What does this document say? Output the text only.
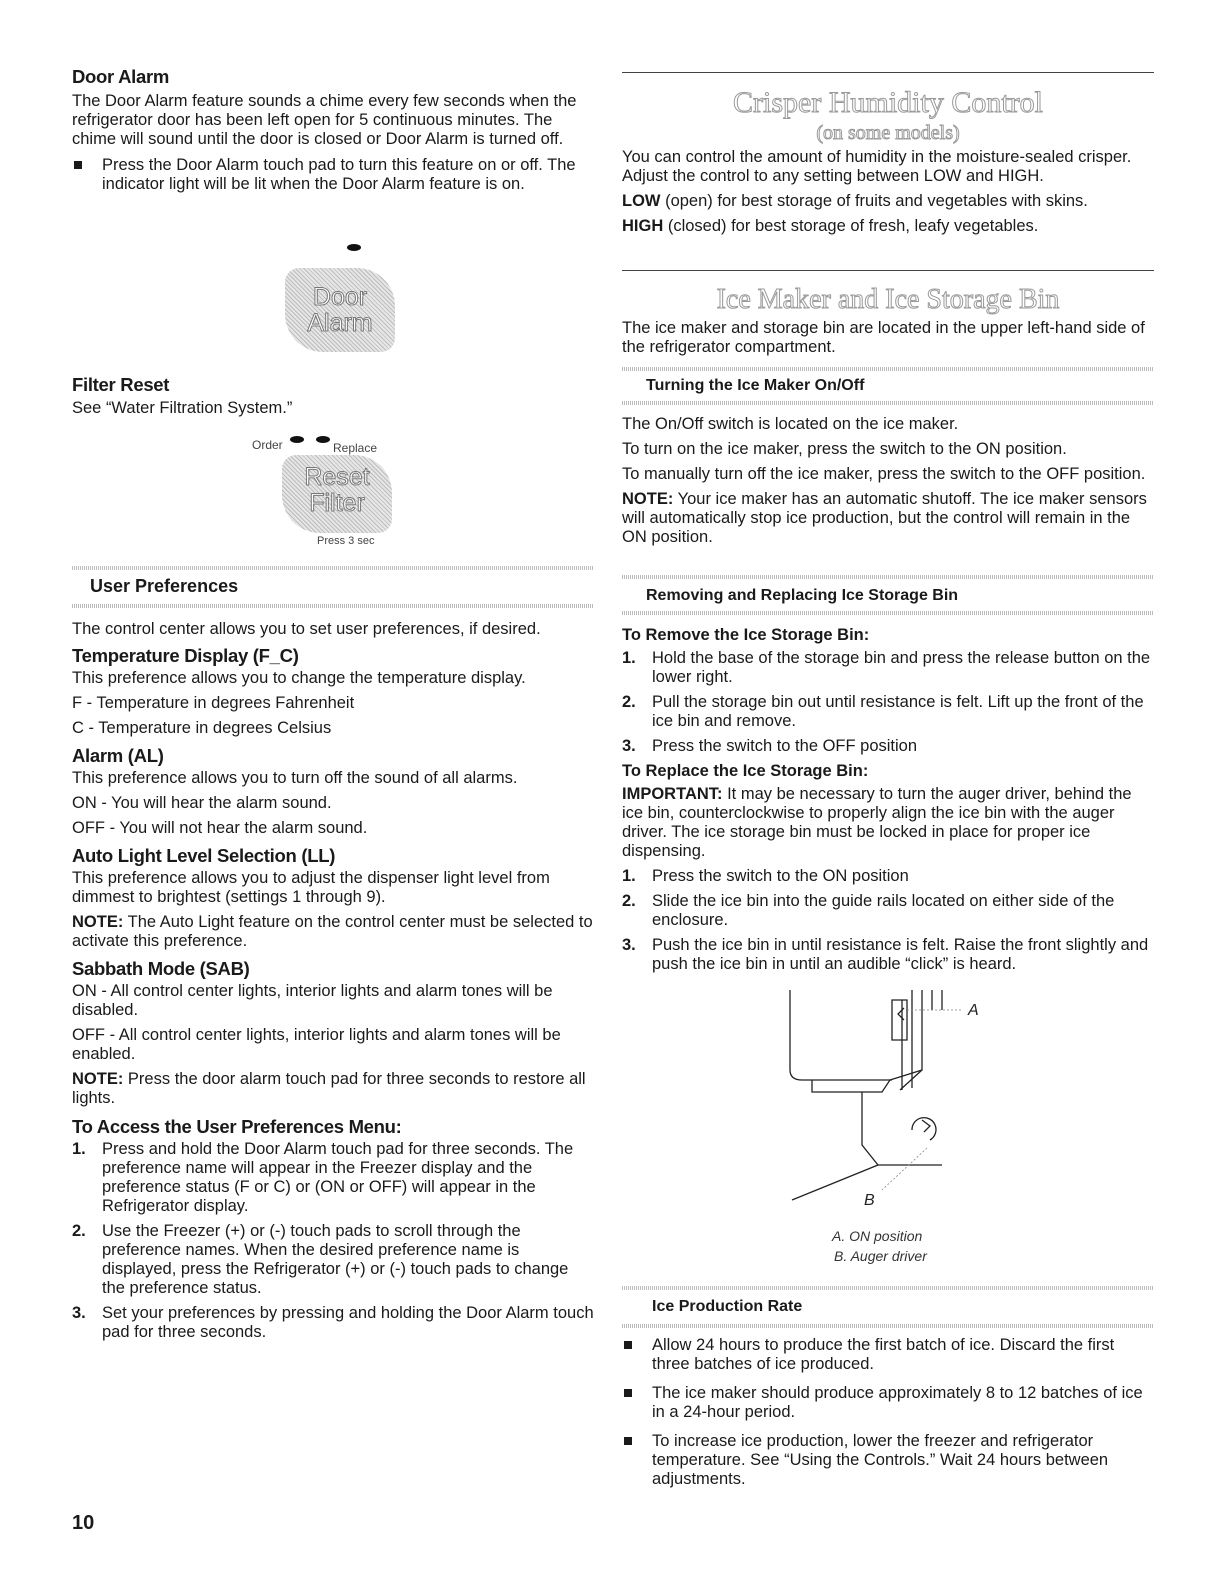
Door Alarm

The Door Alarm feature sounds a chime every few seconds when the refrigerator door has been left open for 5 continuous minutes. The chime will sound until the door is closed or Door Alarm is turned off.

Press the Door Alarm touch pad to turn this feature on or off. The indicator light will be lit when the Door Alarm feature is on.

Door
Alarm

Filter Reset

See “Water Filtration System.”

Order	Replace
Reset
Filter
Press 3 sec
User Preferences

The control center allows you to set user preferences, if desired.

Temperature Display (F_C)

This preference allows you to change the temperature display.

F - Temperature in degrees Fahrenheit

C - Temperature in degrees Celsius

Alarm (AL)

This preference allows you to turn off the sound of all alarms.

ON - You will hear the alarm sound.

OFF - You will not hear the alarm sound.

Auto Light Level Selection (LL)

This preference allows you to adjust the dispenser light level from dimmest to brightest (settings 1 through 9).

NOTE: The Auto Light feature on the control center must be selected to activate this preference.

Sabbath Mode (SAB)

ON - All control center lights, interior lights and alarm tones will be disabled.

OFF - All control center lights, interior lights and alarm tones will be enabled.

NOTE: Press the door alarm touch pad for three seconds to restore all lights.

To Access the User Preferences Menu:

1. Press and hold the Door Alarm touch pad for three seconds. The preference name will appear in the Freezer display and the preference status (F or C) or (ON or OFF) will appear in the Refrigerator display.

2. Use the Freezer (+) or (-) touch pads to scroll through the preference names. When the desired preference name is displayed, press the Refrigerator (+) or (-) touch pads to change the preference status.

3. Set your preferences by pressing and holding the Door Alarm touch pad for three seconds.

10
Crisper Humidity Control
(on some models)

You can control the amount of humidity in the moisture-sealed crisper. Adjust the control to any setting between LOW and HIGH.

LOW (open) for best storage of fruits and vegetables with skins.

HIGH (closed) for best storage of fresh, leafy vegetables.

Ice Maker and Ice Storage Bin

The ice maker and storage bin are located in the upper left-hand side of the refrigerator compartment.

Turning the Ice Maker On/Off

The On/Off switch is located on the ice maker.

To turn on the ice maker, press the switch to the ON position.

To manually turn off the ice maker, press the switch to the OFF position.

NOTE: Your ice maker has an automatic shutoff. The ice maker sensors will automatically stop ice production, but the control will remain in the ON position.

Removing and Replacing Ice Storage Bin

To Remove the Ice Storage Bin:

1. Hold the base of the storage bin and press the release button on the lower right.

2. Pull the storage bin out until resistance is felt. Lift up the front of the ice bin and remove.

3. Press the switch to the OFF position

To Replace the Ice Storage Bin:

IMPORTANT: It may be necessary to turn the auger driver, behind the ice bin, counterclockwise to properly align the ice bin with the auger driver. The ice storage bin must be locked in place for proper ice dispensing.

1. Press the switch to the ON position

2. Slide the ice bin into the guide rails located on either side of the enclosure.

3. Push the ice bin in until resistance is felt. Raise the front slightly and push the ice bin in until an audible “click” is heard.

A
B
A. ON position
B. Auger driver
Ice Production Rate

Allow 24 hours to produce the first batch of ice. Discard the first three batches of ice produced.

The ice maker should produce approximately 8 to 12 batches of ice in a 24-hour period.

To increase ice production, lower the freezer and refrigerator temperature. See “Using the Controls.” Wait 24 hours between adjustments.
